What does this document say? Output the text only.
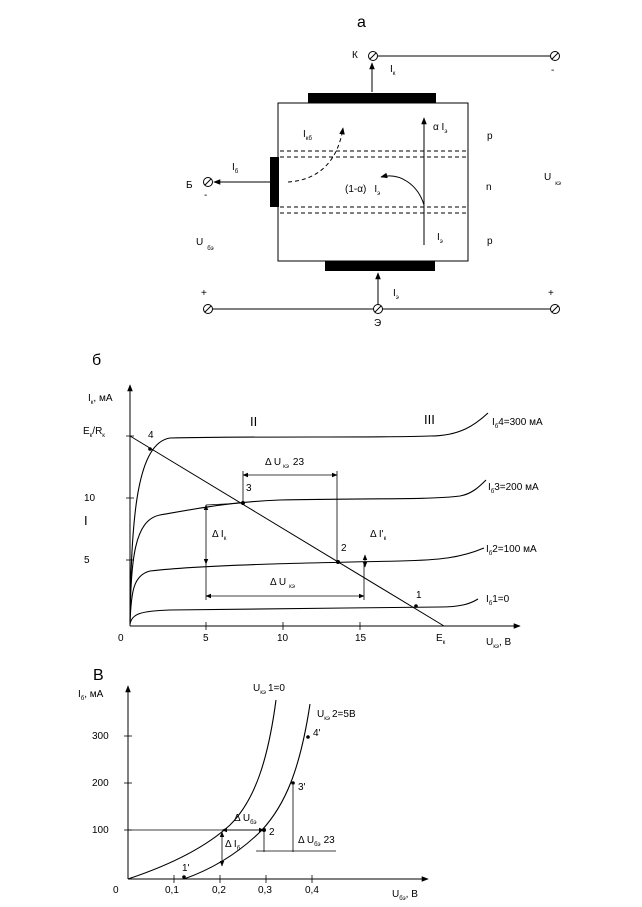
а
К
-
$I_к$
p
n
p
α $I_э$
$I_э$
(1-α) $I_э$
$I_{кб}$
Б
-
$I_б$
$U_{бэ}$
$U_{кэ}$
$I_э$
+	+
Э
б
$I_к$, мА
$E_к/R_к$
10
5
0	5	10	15	$E_к$	$U_{кэ}$, В
I
II	III	$I_б4=300$ мА
$I_б3=200$ мА
$I_б2=100$ мА
$I_б1=0$
4
3
2
1
Δ U $_{кэ}$ 23
Δ $I_к$
Δ U $_{кэ}$
Δ $I'_к$
В
$I_б$, мА
300
200
100
0	0,1	0,2	0,3	0,4	$U_{бэ}$, В
$U_{кэ}$ 1=0
$U_{кэ}$ 2=5В
1'
2
3'
4'
Δ $U_{бэ}$
Δ $I_б$
Δ $U_{бэ}$ 23
